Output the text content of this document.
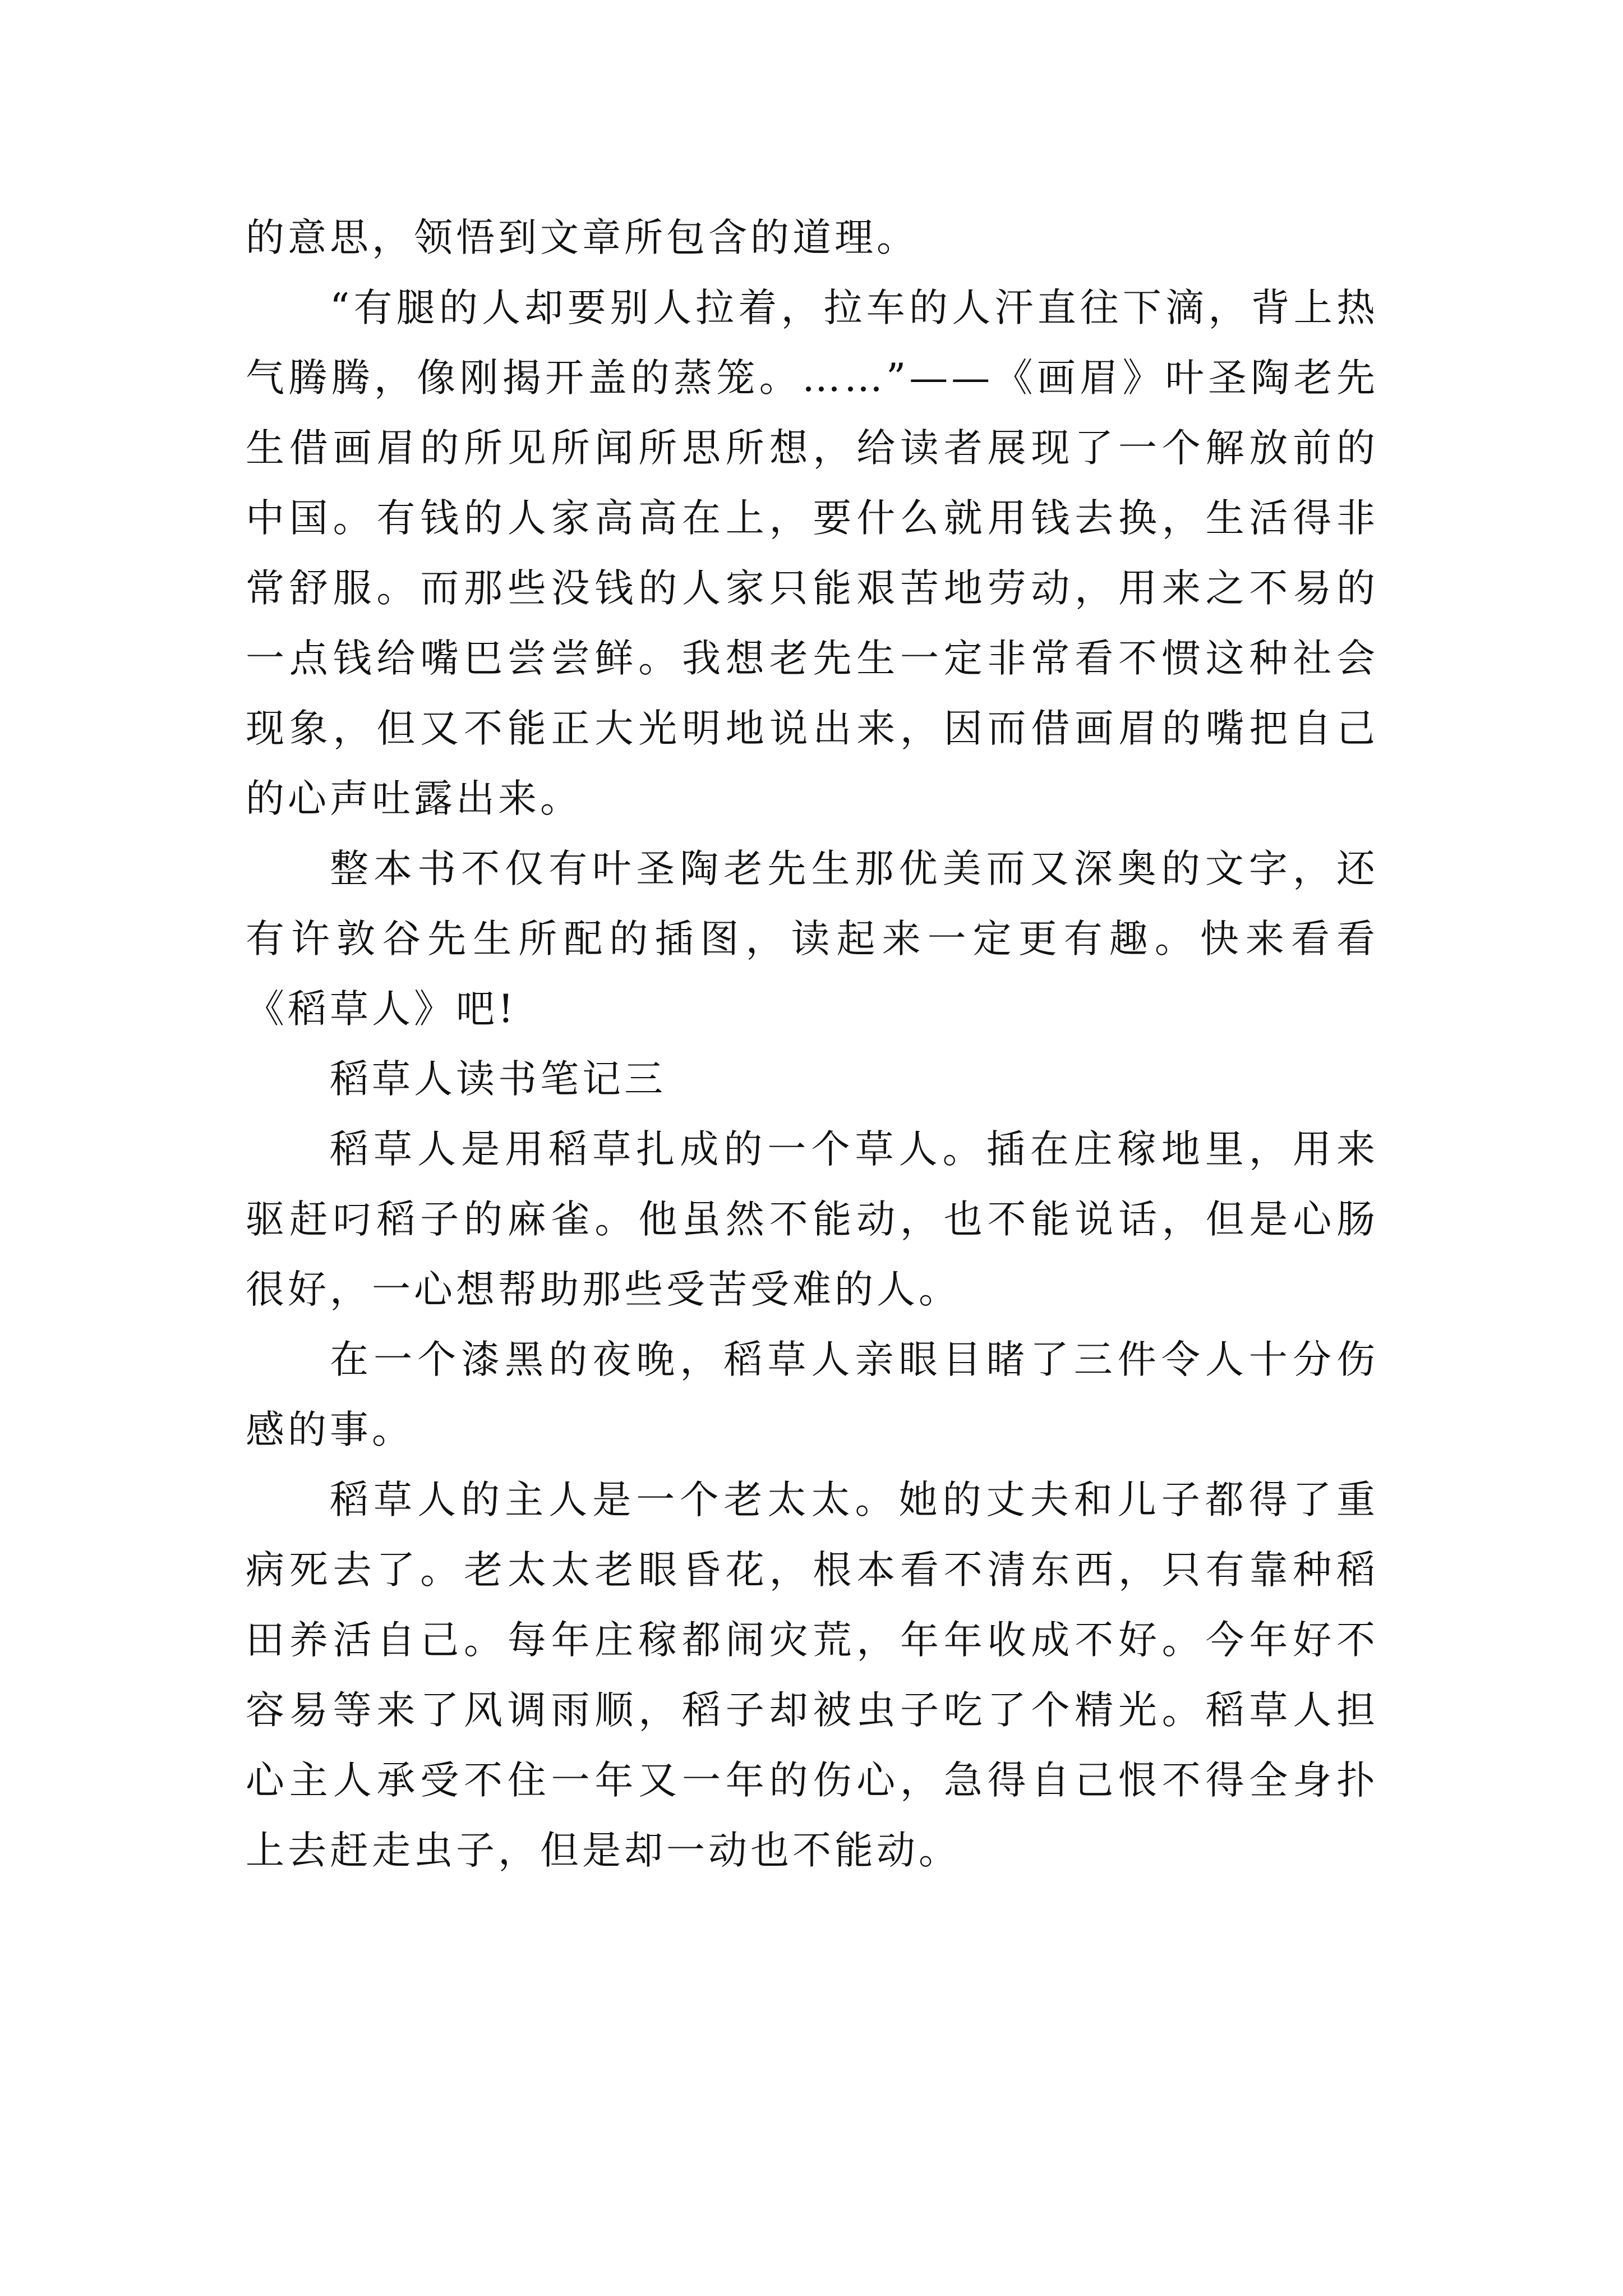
的意思，领悟到文章所包含的道理。

“有腿的人却要别人拉着，拉车的人汗直往下滴，背上热气腾腾，像刚揭开盖的蒸笼。……”——《画眉》叶圣陶老先生借画眉的所见所闻所思所想，给读者展现了一个解放前的中国。有钱的人家高高在上，要什么就用钱去换，生活得非常舒服。而那些没钱的人家只能艰苦地劳动，用来之不易的一点钱给嘴巴尝尝鲜。我想老先生一定非常看不惯这种社会现象，但又不能正大光明地说出来，因而借画眉的嘴把自己的心声吐露出来。

整本书不仅有叶圣陶老先生那优美而又深奥的文字，还有许敦谷先生所配的插图，读起来一定更有趣。快来看看《稻草人》吧!

稻草人读书笔记三

稻草人是用稻草扎成的一个草人。插在庄稼地里，用来驱赶叼稻子的麻雀。他虽然不能动，也不能说话，但是心肠很好，一心想帮助那些受苦受难的人。

在一个漆黑的夜晚，稻草人亲眼目睹了三件令人十分伤感的事。

稻草人的主人是一个老太太。她的丈夫和儿子都得了重病死去了。老太太老眼昏花，根本看不清东西，只有靠种稻田养活自己。每年庄稼都闹灾荒，年年收成不好。今年好不容易等来了风调雨顺，稻子却被虫子吃了个精光。稻草人担心主人承受不住一年又一年的伤心，急得自己恨不得全身扑上去赶走虫子，但是却一动也不能动。
